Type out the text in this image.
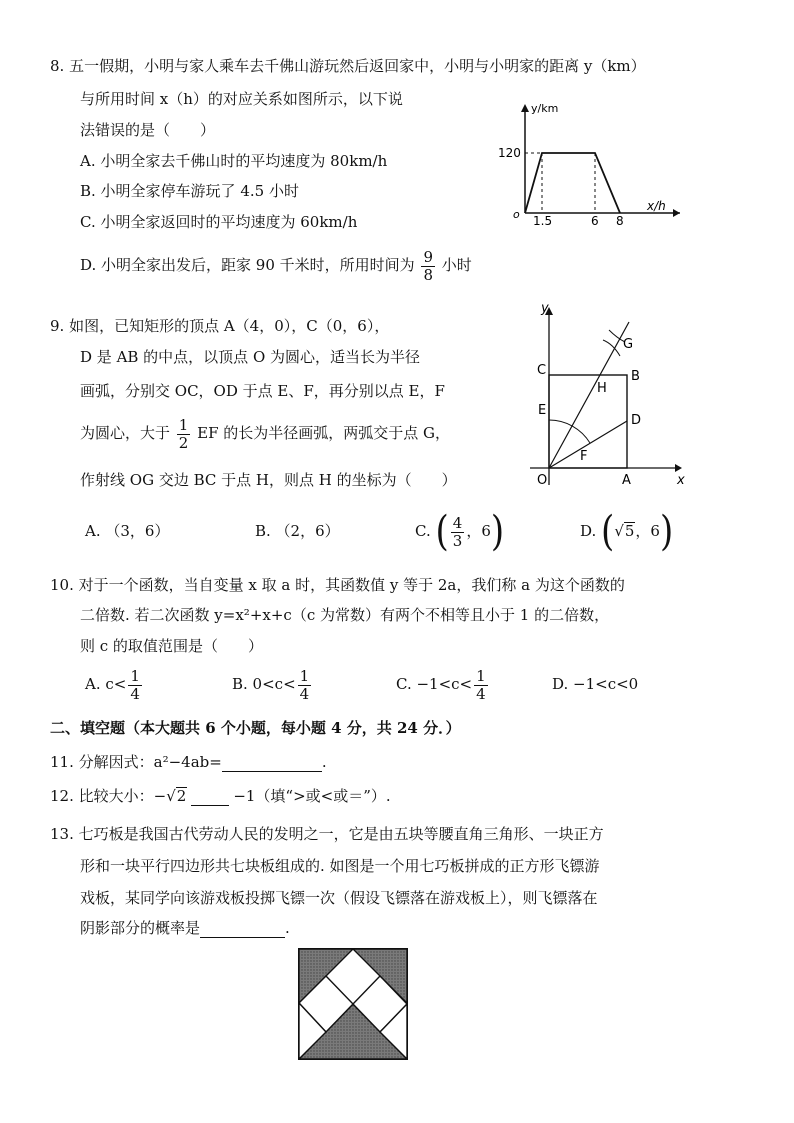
8. 五一假期，小明与家人乘车去千佛山游玩然后返回家中，小明与小明家的距离 y（km）
与所用时间 x（h）的对应关系如图所示，以下说
法错误的是（　　）
A. 小明全家去千佛山时的平均速度为 80km/h
B. 小明全家停车游玩了 4.5 小时
C. 小明全家返回时的平均速度为 60km/h
D. 小明全家出发后，距家 90 千米时，所用时间为 $\frac{9}{8}$ 小时
y/km
x/h
o
120
1.5	6 8
9. 如图，已知矩形的顶点 A（4，0），C（0，6），
D 是 AB 的中点，以顶点 O 为圆心，适当长为半径
画弧，分别交 OC，OD 于点 E、F，再分别以点 E，F
为圆心，大于 $\frac{1}{2}$ EF 的长为半径画弧，两弧交于点 G，
作射线 OG 交边 BC 于点 H，则点 H 的坐标为（　　）
A. （3，6）	B. （2，6）	C. ( $\frac{4}{3}$ ，6)	D. (√5，6)
y
x
O	A
B
C
D
E
F
G
H
10. 对于一个函数，当自变量 x 取 a 时，其函数值 y 等于 2a，我们称 a 为这个函数的
二倍数. 若二次函数 y=x²+x+c（c 为常数）有两个不相等且小于 1 的二倍数，
则 c 的取值范围是（　　）
A. $c< \frac{1}{4}$	B. $0<c< \frac{1}{4}$	C. $-1<c< \frac{1}{4}$	D. −1<c<0
二、填空题（本大题共 6 个小题，每小题 4 分，共 24 分．）
11. 分解因式：a²−4ab=	.
12. 比较大小：−√2	−1（填“>或<或＝”）.
13. 七巧板是我国古代劳动人民的发明之一，它是由五块等腰直角三角形、一块正方
形和一块平行四边形共七块板组成的. 如图是一个用七巧板拼成的正方形飞镖游
戏板，某同学向该游戏板投掷飞镖一次（假设飞镖落在游戏板上），则飞镖落在
阴影部分的概率是	.
